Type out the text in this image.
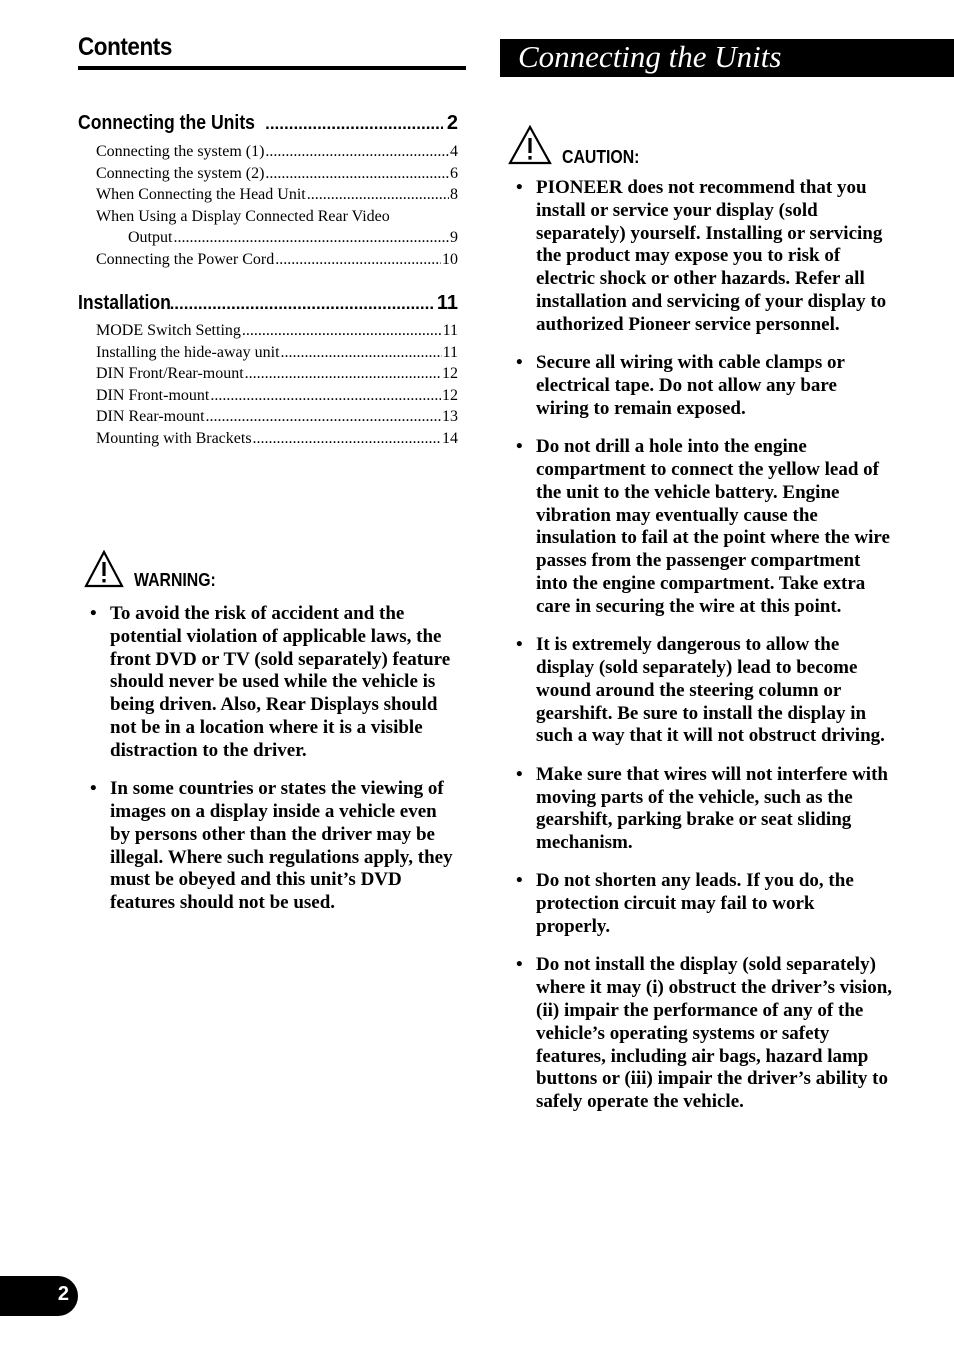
Contents
Connecting the Units .....	2
Connecting the system (1) .....	4
Connecting the system (2) .....	6
When Connecting the Head Unit .....	8
When Using a Display Connected Rear Video
Output .....	9
Connecting the Power Cord .....	10
Installation .....	11
MODE Switch Setting .....	11
Installing the hide-away unit .....	11
DIN Front/Rear-mount .....	12
DIN Front-mount .....	12
DIN Rear-mount .....	13
Mounting with Brackets .....	14
WARNING:
• To avoid the risk of accident and the potential violation of applicable laws, the front DVD or TV (sold separately) feature should never be used while the vehicle is being driven. Also, Rear Displays should not be in a location where it is a visible distraction to the driver.
• In some countries or states the viewing of images on a display inside a vehicle even by persons other than the driver may be illegal. Where such regulations apply, they must be obeyed and this unit’s DVD features should not be used.
Connecting the Units
CAUTION:
• PIONEER does not recommend that you install or service your display (sold separately) yourself. Installing or servicing the product may expose you to risk of electric shock or other hazards. Refer all installation and servicing of your display to authorized Pioneer service personnel.
• Secure all wiring with cable clamps or electrical tape. Do not allow any bare wiring to remain exposed.
• Do not drill a hole into the engine compartment to connect the yellow lead of the unit to the vehicle battery. Engine vibration may eventually cause the insulation to fail at the point where the wire passes from the passenger compartment into the engine compartment. Take extra care in securing the wire at this point.
• It is extremely dangerous to allow the display (sold separately) lead to become wound around the steering column or gearshift. Be sure to install the display in such a way that it will not obstruct driving.
• Make sure that wires will not interfere with moving parts of the vehicle, such as the gearshift, parking brake or seat sliding mechanism.
• Do not shorten any leads. If you do, the protection circuit may fail to work properly.
• Do not install the display (sold separately) where it may (i) obstruct the driver’s vision, (ii) impair the performance of any of the vehicle’s operating systems or safety features, including air bags, hazard lamp buttons or (iii) impair the driver’s ability to safely operate the vehicle.
2
